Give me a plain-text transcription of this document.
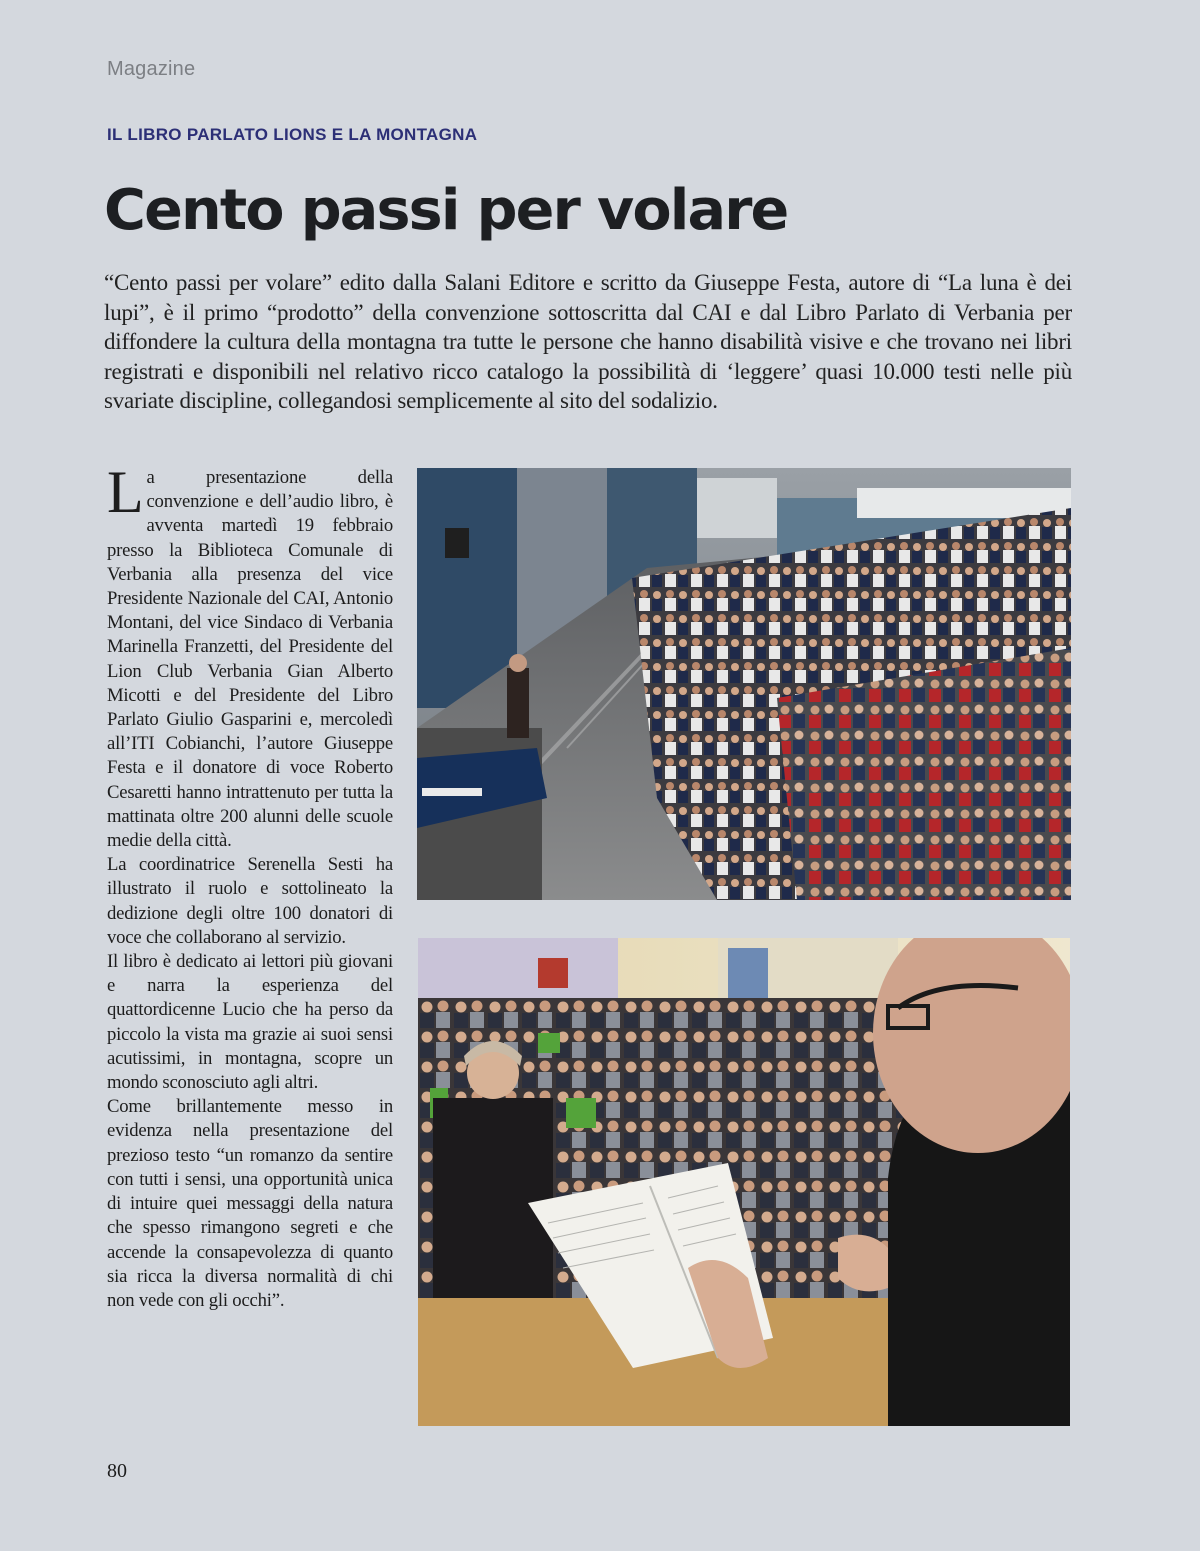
Magazine
IL LIBRO PARLATO LIONS E LA MONTAGNA
Cento passi per volare

“Cento passi per volare” edito dalla Salani Editore e scritto da Giuseppe Festa, autore di “La luna è dei lupi”, è il primo “prodotto” della convenzione sottoscritta dal CAI e dal Libro Parlato di Verbania per diffondere la cultura della montagna tra tutte le persone che hanno disabilità visive e che trovano nei libri registrati e disponibili nel relativo ricco catalogo la possibilità di ‘leggere’ quasi 10.000 testi nelle più svariate discipline, collegandosi semplicemente al sito del sodalizio.

La presentazione della convenzione e dell’audio libro, è avventa martedì 19 febbraio presso la Biblioteca Comunale di Verbania alla presenza del vice Presidente Nazionale del CAI, Antonio Montani, del vice Sindaco di Verbania Marinella Franzetti, del Presidente del Lion Club Verbania Gian Alberto Micotti e del Presidente del Libro Parlato Giulio Gasparini e, mercoledì all’ITI Cobianchi, l’autore Giuseppe Festa e il donatore di voce Roberto Cesaretti hanno intrattenuto per tutta la mattinata oltre 200 alunni delle scuole medie della città.

La coordinatrice Serenella Sesti ha illustrato il ruolo e sottolineato la dedizione degli oltre 100 donatori di voce che collaborano al servizio.

Il libro è dedicato ai lettori più giovani e narra la esperienza del quattordicenne Lucio che ha perso da piccolo la vista ma grazie ai suoi sensi acutissimi, in montagna, scopre un mondo sconosciuto agli altri.

Come brillantemente messo in evidenza nella presentazione del prezioso testo “un romanzo da sentire con tutti i sensi, una opportunità unica di intuire quei messaggi della natura che spesso rimangono segreti e che accende la consapevolezza di quanto sia ricca la diversa normalità di chi non vede con gli occhi”.

80
